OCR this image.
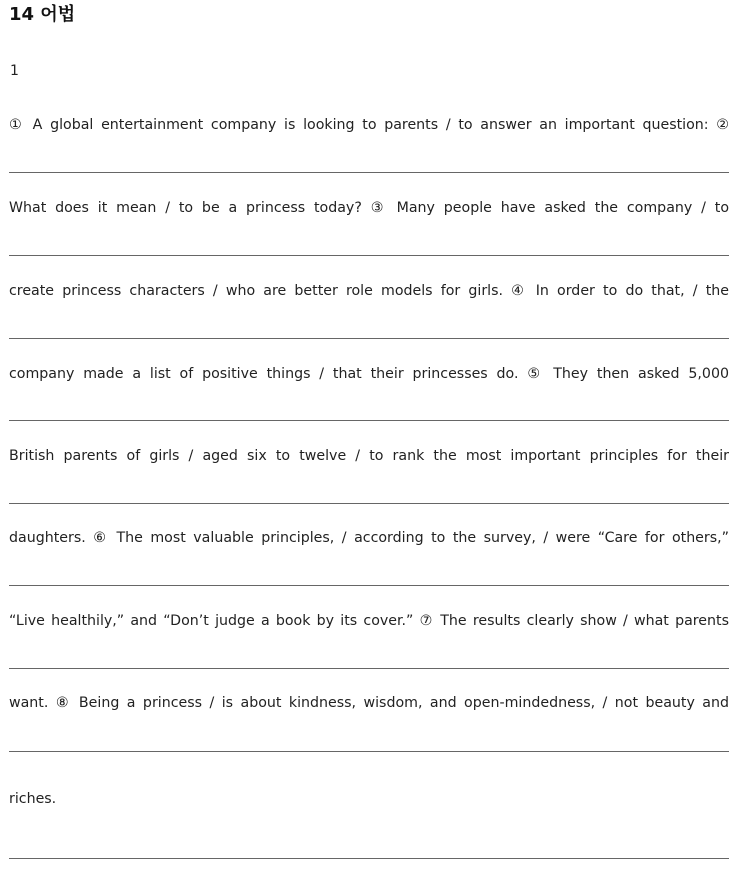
14 어법
1
① A global entertainment company is looking to parents / to answer an important question: ②
What does it mean / to be a princess today? ③ Many people have asked the company / to
create princess characters / who are better role models for girls. ④ In order to do that, / the
company made a list of positive things / that their princesses do. ⑤ They then asked 5,000
British parents of girls / aged six to twelve / to rank the most important principles for their
daughters. ⑥ The most valuable principles, / according to the survey, / were “Care for others,”
“Live healthily,” and “Don’t judge a book by its cover.” ⑦ The results clearly show / what parents
want. ⑧ Being a princess / is about kindness, wisdom, and open-mindedness, / not beauty and
riches.
